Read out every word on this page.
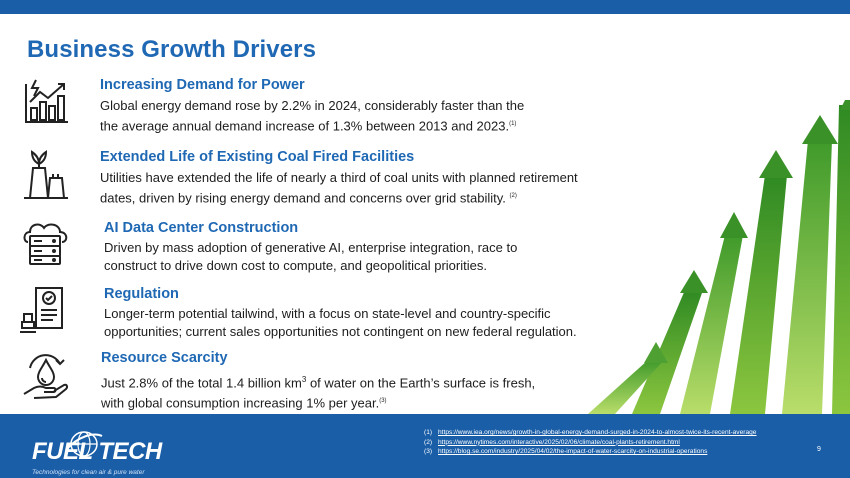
Business Growth Drivers
Increasing Demand for Power
Global energy demand rose by 2.2% in 2024, considerably faster than the
the average annual demand increase of 1.3% between 2013 and 2023.$^{(1)}$
Extended Life of Existing Coal Fired Facilities
Utilities have extended the life of nearly a third of coal units with planned retirement
dates, driven by rising energy demand and concerns over grid stability. $^{(2)}$
AI Data Center Construction
Driven by mass adoption of generative AI, enterprise integration, race to
construct to drive down cost to compute, and geopolitical priorities.
Regulation
Longer-term potential tailwind, with a focus on state-level and country-specific
opportunities; current sales opportunities not contingent on new federal regulation.
Resource Scarcity
Just 2.8% of the total 1.4 billion $km^3$ of water on the Earth’s surface is fresh,
with global consumption increasing 1% per year.$^{(3)}$
FUEL TECH
Technologies for clean air & pure water
(1) https://www.iea.org/news/growth-in-global-energy-demand-surged-in-2024-to-almost-twice-its-recent-average
(2) https://www.nytimes.com/interactive/2025/02/06/climate/coal-plants-retirement.html
(3) https://blog.se.com/industry/2025/04/02/the-impact-of-water-scarcity-on-industrial-operations	9
